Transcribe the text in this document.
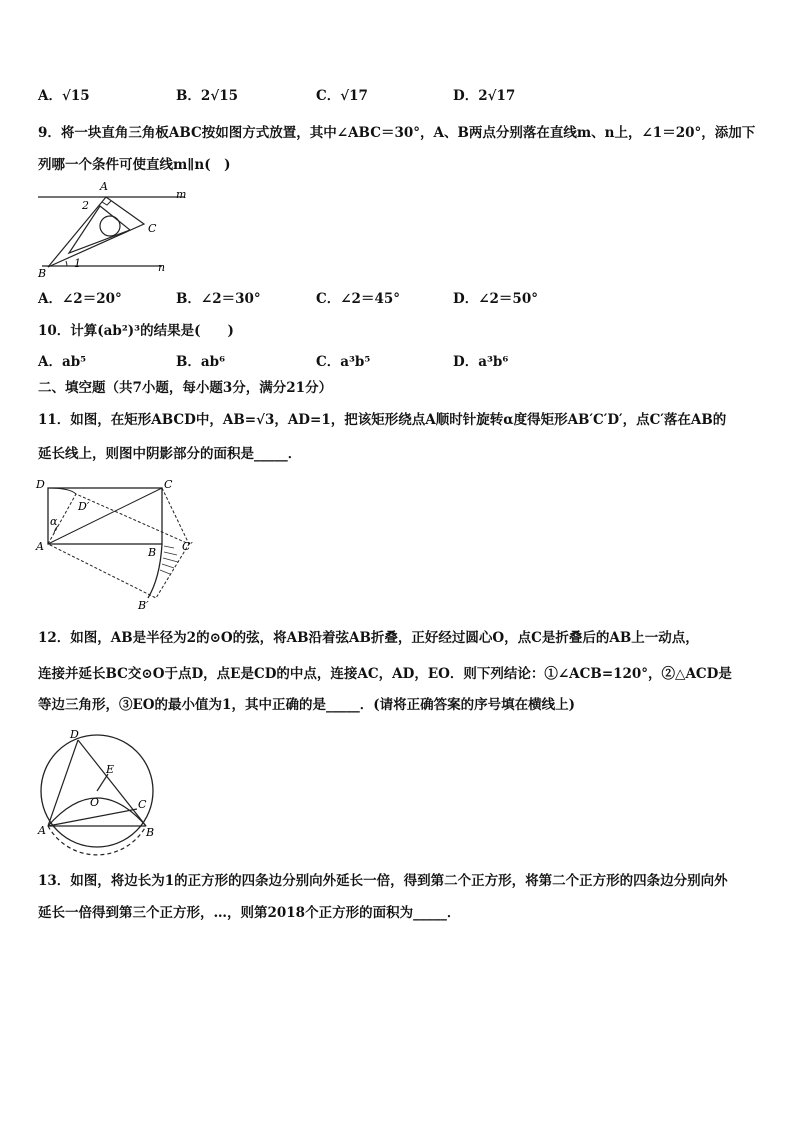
A．√15	B．2√15	C．√17	D．2√17
9．将一块直角三角板ABC按如图方式放置，其中∠ABC＝30°，A、B两点分别落在直线m、n上，∠1＝20°，添加下
列哪一个条件可使直线m∥n(　)
A
m
2
C
1
B	n
A．∠2＝20°	B．∠2＝30°	C．∠2＝45°	D．∠2＝50°
10．计算(ab²)³的结果是(　　)
A．ab⁵	B．ab⁶	C．a³b⁵	D．a³b⁶
二、填空题（共7小题，每小题3分，满分21分）
11．如图，在矩形ABCD中，AB=√3，AD=1，把该矩形绕点A顺时针旋转α度得矩形AB′C′D′，点C′落在AB的
延长线上，则图中阴影部分的面积是_____．
D	C
D′
α
A	B C′
B′
12．如图，AB是半径为2的⊙O的弦，将AB沿着弦AB折叠，正好经过圆心O，点C是折叠后的AB上一动点，
连接并延长BC交⊙O于点D，点E是CD的中点，连接AC，AD，EO．则下列结论：①∠ACB=120°，②△ACD是
等边三角形，③EO的最小值为1，其中正确的是_____．(请将正确答案的序号填在横线上)
D
E
O	C
A	B
13．如图，将边长为1的正方形的四条边分别向外延长一倍，得到第二个正方形，将第二个正方形的四条边分别向外
延长一倍得到第三个正方形，…，则第2018个正方形的面积为_____．
